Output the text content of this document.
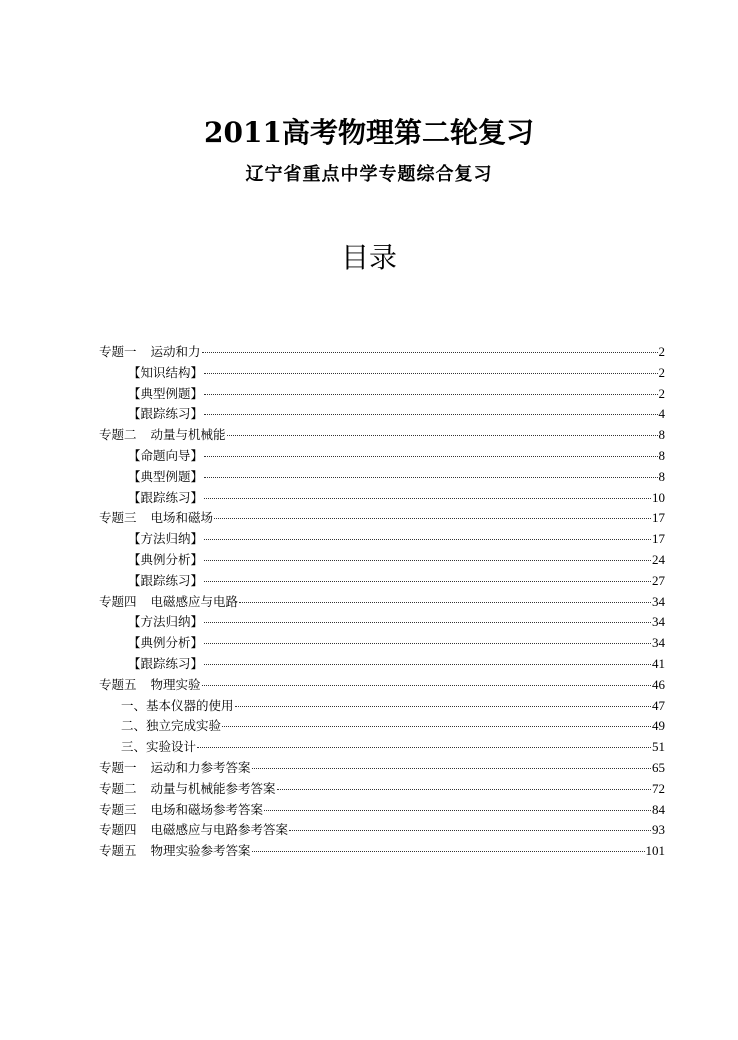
2011高考物理第二轮复习
辽宁省重点中学专题综合复习
目录
专题一 运动和力	2
【知识结构】	2
【典型例题】	2
【跟踪练习】	4
专题二 动量与机械能	8
【命题向导】	8
【典型例题】	8
【跟踪练习】	10
专题三 电场和磁场	17
【方法归纳】	17
【典例分析】	24
【跟踪练习】	27
专题四 电磁感应与电路	34
【方法归纳】	34
【典例分析】	34
【跟踪练习】	41
专题五 物理实验	46
一、基本仪器的使用	47
二、独立完成实验	49
三、实验设计	51
专题一 运动和力参考答案	65
专题二 动量与机械能参考答案	72
专题三 电场和磁场参考答案	84
专题四 电磁感应与电路参考答案	93
专题五 物理实验参考答案	101
